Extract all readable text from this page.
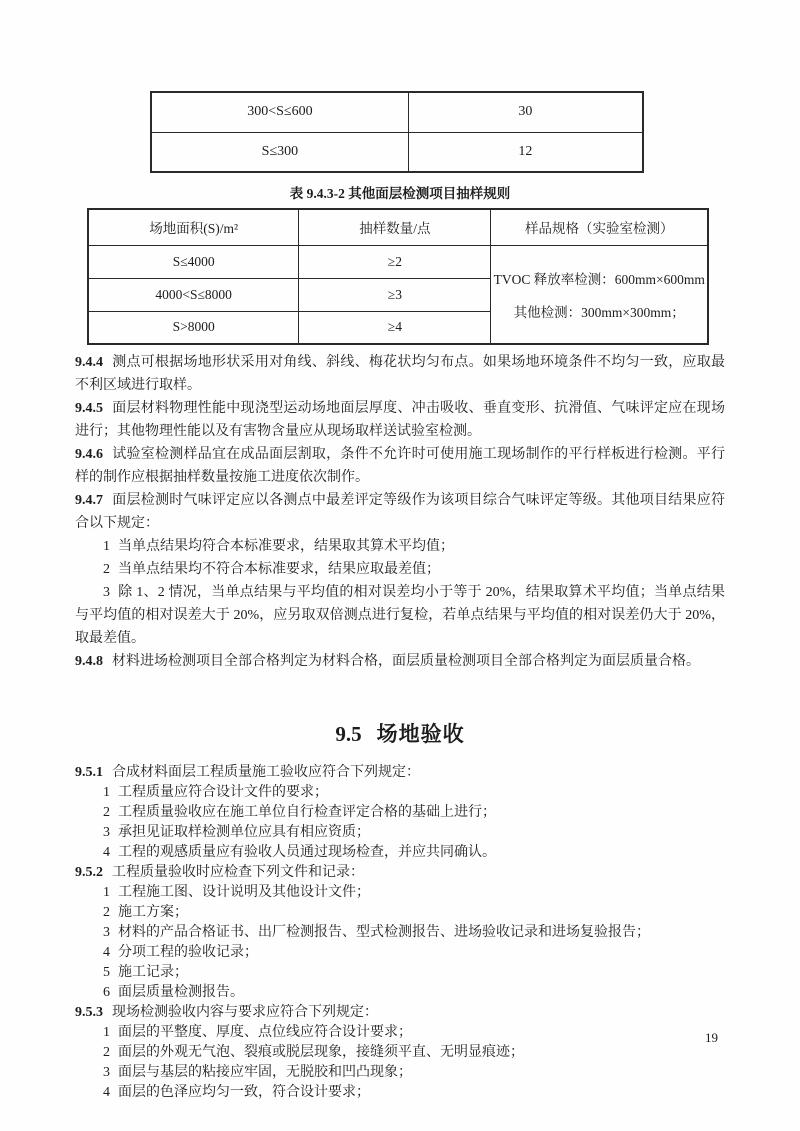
300<S≤600	30
S≤300	12
表 9.4.3-2 其他面层检测项目抽样规则
场地面积(S)/m²	抽样数量/点	样品规格（实验室检测）
S≤4000	≥2	TVOC 释放率检测：600mm×600mm
其他检测：300mm×300mm；

4000<S≤8000	≥3	
S>8000	≥4	

9.4.4 测点可根据场地形状采用对角线、斜线、梅花状均匀布点。如果场地环境条件不均匀一致，应取最不利区域进行取样。

9.4.5 面层材料物理性能中现浇型运动场地面层厚度、冲击吸收、垂直变形、抗滑值、气味评定应在现场进行；其他物理性能以及有害物含量应从现场取样送试验室检测。

9.4.6 试验室检测样品宜在成品面层割取，条件不允许时可使用施工现场制作的平行样板进行检测。平行样的制作应根据抽样数量按施工进度依次制作。

9.4.7 面层检测时气味评定应以各测点中最差评定等级作为该项目综合气味评定等级。其他项目结果应符合以下规定：

1 当单点结果均符合本标准要求，结果取其算术平均值；

2 当单点结果均不符合本标准要求，结果应取最差值；

3 除 1、2 情况，当单点结果与平均值的相对误差均小于等于 20%，结果取算术平均值；当单点结果与平均值的相对误差大于 20%，应另取双倍测点进行复检，若单点结果与平均值的相对误差仍大于 20%，取最差值。

9.4.8 材料进场检测项目全部合格判定为材料合格，面层质量检测项目全部合格判定为面层质量合格。

9.5 场地验收

9.5.1 合成材料面层工程质量施工验收应符合下列规定：

1 工程质量应符合设计文件的要求；

2 工程质量验收应在施工单位自行检查评定合格的基础上进行；

3 承担见证取样检测单位应具有相应资质；

4 工程的观感质量应有验收人员通过现场检查，并应共同确认。

9.5.2 工程质量验收时应检查下列文件和记录：

1 工程施工图、设计说明及其他设计文件；

2 施工方案；

3 材料的产品合格证书、出厂检测报告、型式检测报告、进场验收记录和进场复验报告；

4 分项工程的验收记录；

5 施工记录；

6 面层质量检测报告。

9.5.3 现场检测验收内容与要求应符合下列规定：

1 面层的平整度、厚度、点位线应符合设计要求；

2 面层的外观无气泡、裂痕或脱层现象，接缝须平直、无明显痕迹；

3 面层与基层的粘接应牢固，无脱胶和凹凸现象；

4 面层的色泽应均匀一致，符合设计要求；

19
